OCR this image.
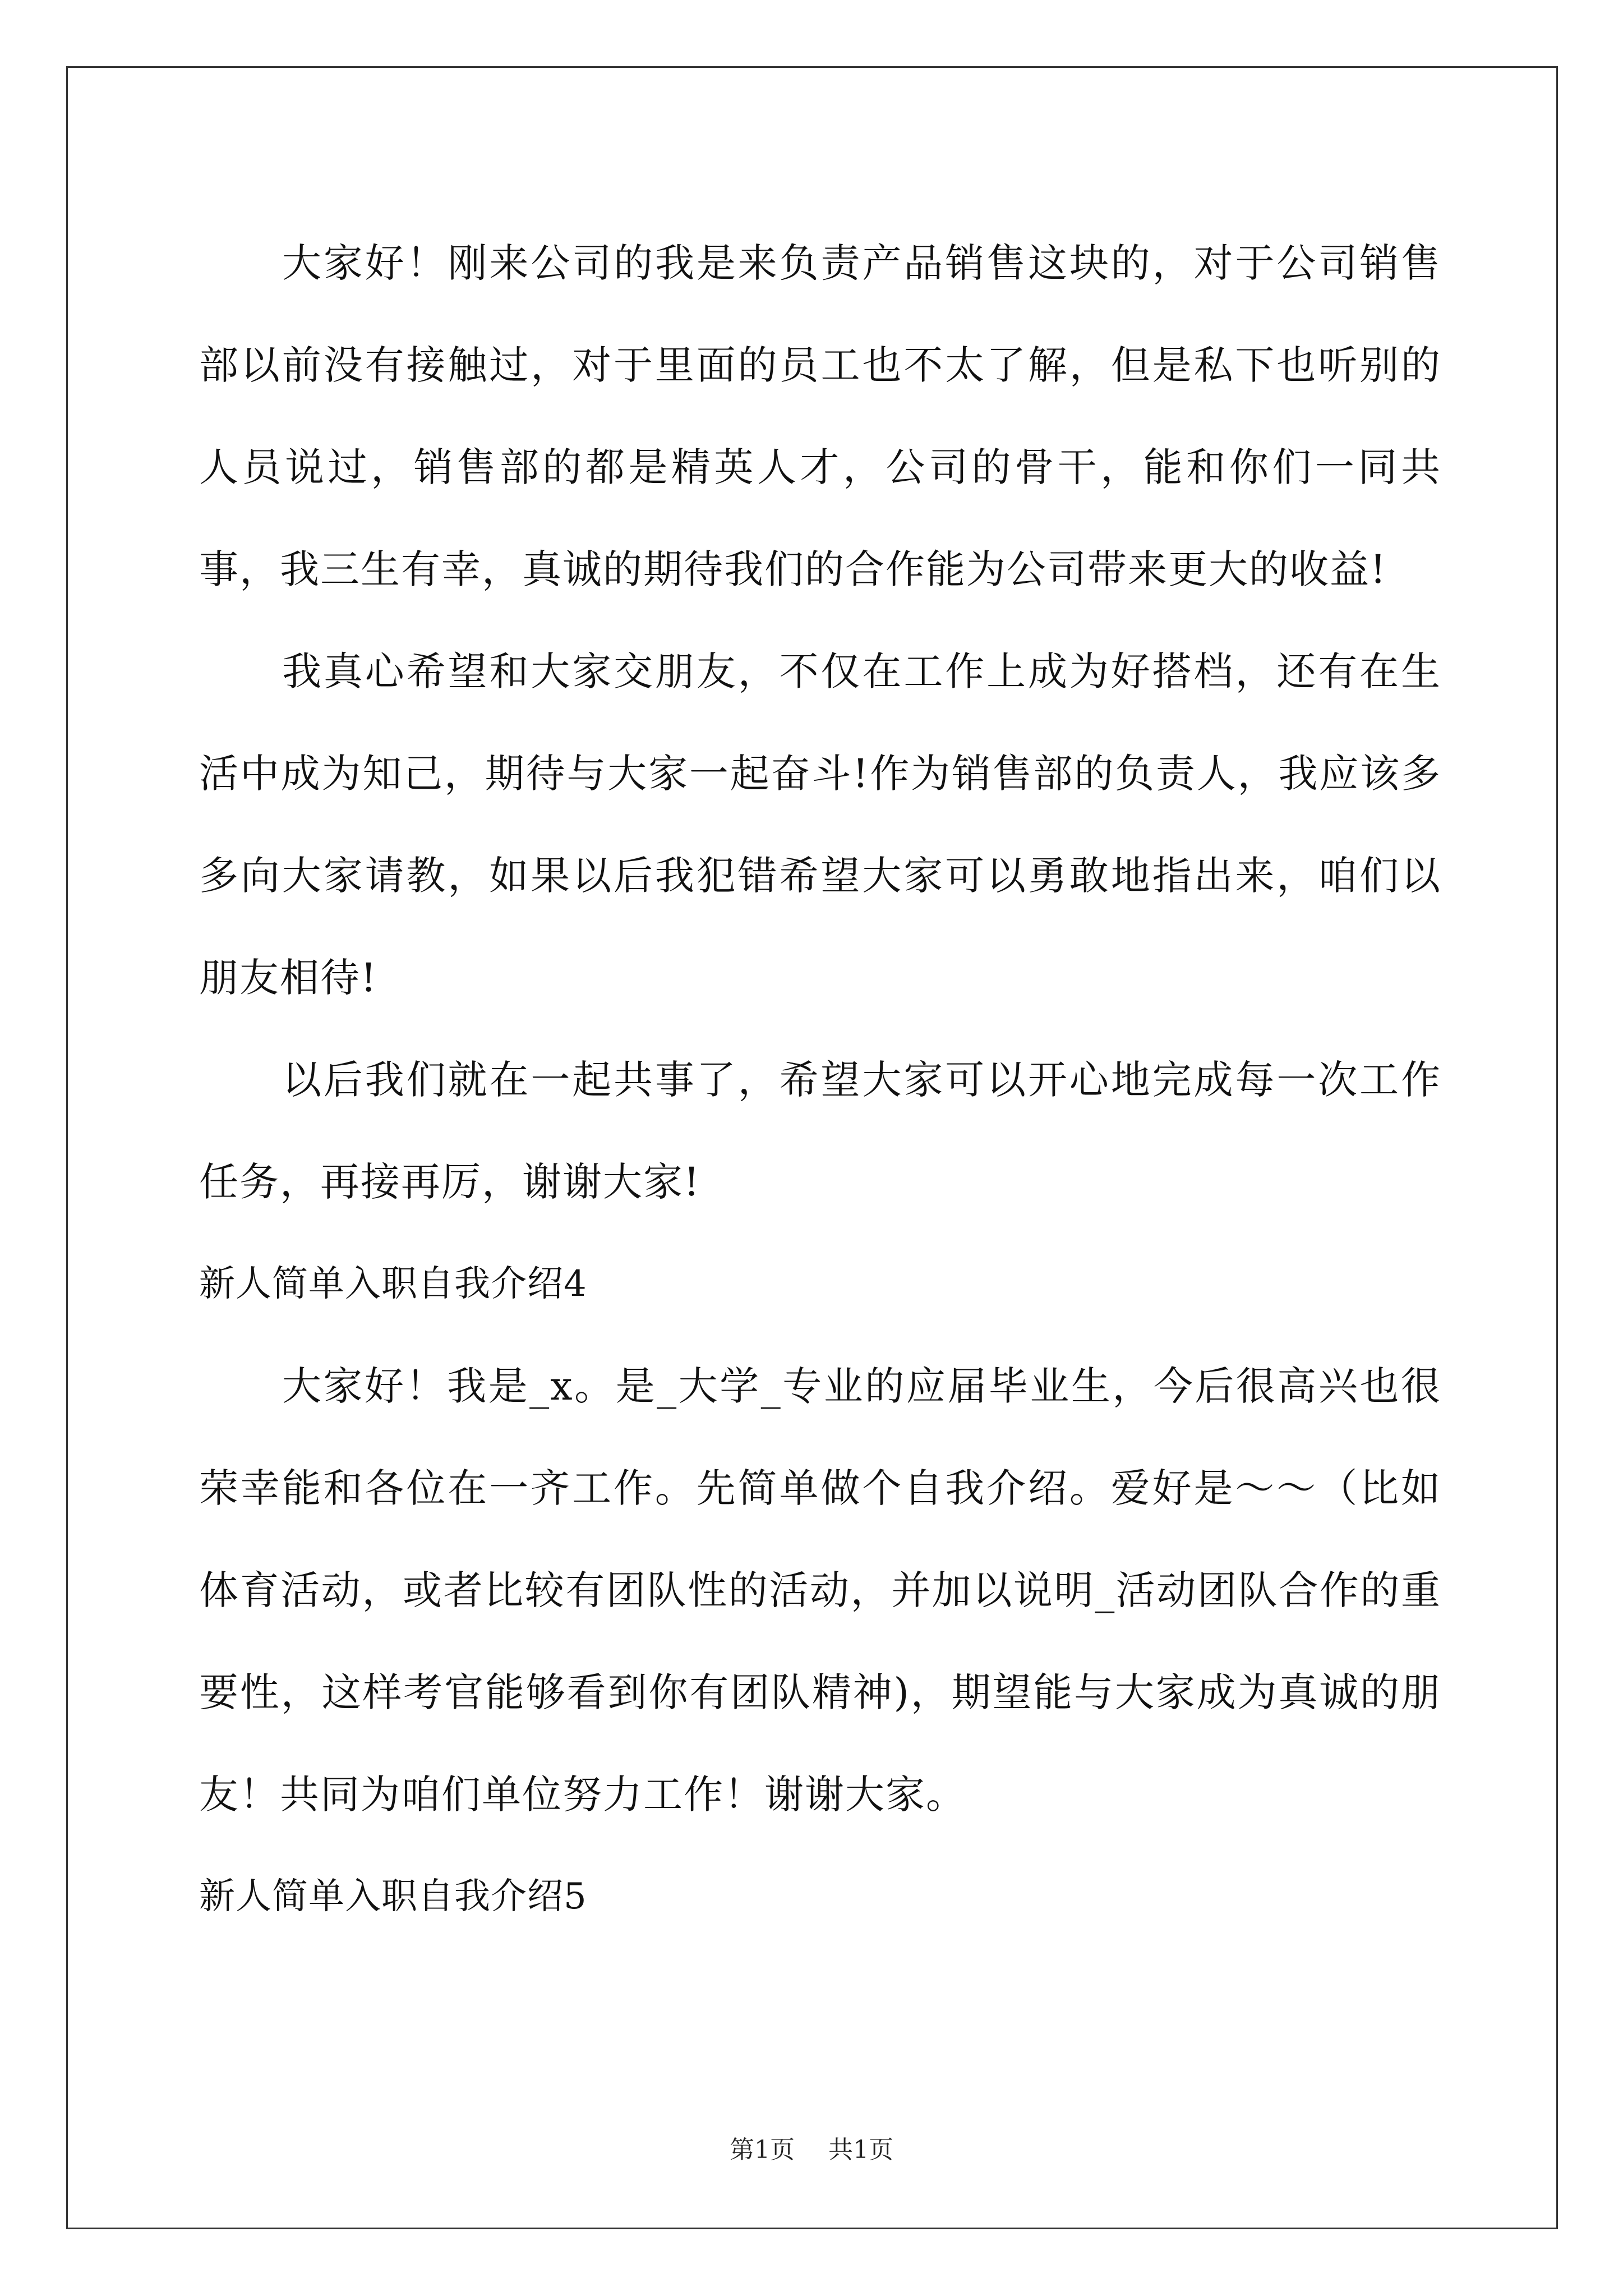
大家好！刚来公司的我是来负责产品销售这块的，对于公司销售部以前没有接触过，对于里面的员工也不太了解，但是私下也听别的人员说过，销售部的都是精英人才，公司的骨干，能和你们一同共事，我三生有幸，真诚的期待我们的合作能为公司带来更大的收益!

我真心希望和大家交朋友，不仅在工作上成为好搭档，还有在生活中成为知己，期待与大家一起奋斗!作为销售部的负责人，我应该多多向大家请教，如果以后我犯错希望大家可以勇敢地指出来，咱们以朋友相待!

以后我们就在一起共事了，希望大家可以开心地完成每一次工作任务，再接再厉，谢谢大家!

新人简单入职自我介绍4

大家好！我是_x。是_大学_专业的应届毕业生，今后很高兴也很荣幸能和各位在一齐工作。先简单做个自我介绍。爱好是～～（比如体育活动，或者比较有团队性的活动，并加以说明_活动团队合作的重要性，这样考官能够看到你有团队精神)，期望能与大家成为真诚的朋友！共同为咱们单位努力工作！谢谢大家。

新人简单入职自我介绍5

第1页 共1页
